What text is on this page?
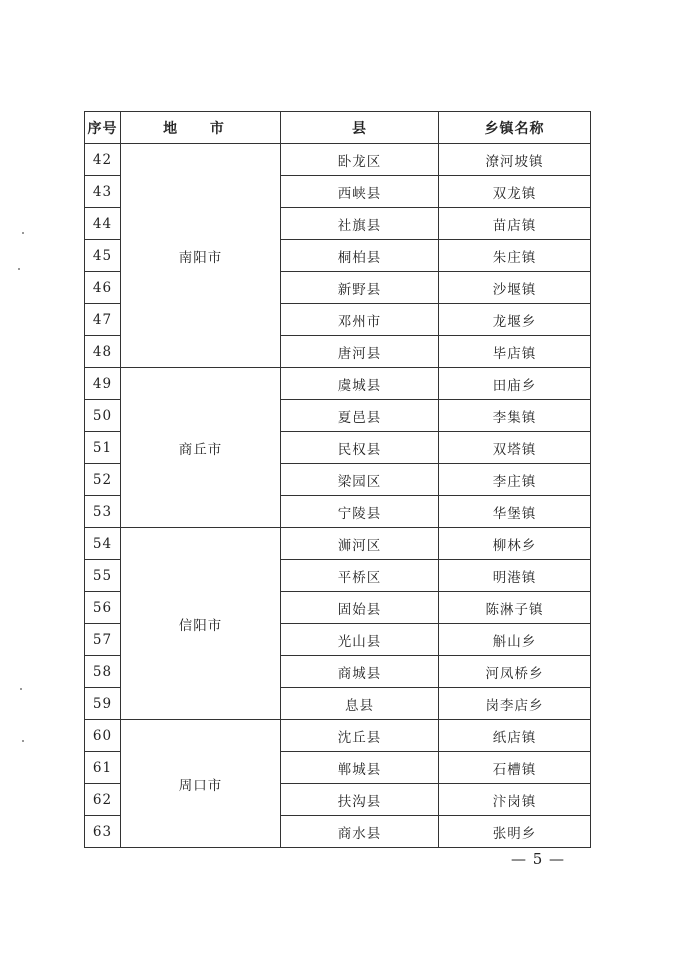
序号	地 市	县	乡镇名称
42	南阳市	卧龙区	潦河坡镇
43		西峡县	双龙镇
44		社旗县	苗店镇
45		桐柏县	朱庄镇
46		新野县	沙堰镇
47		邓州市	龙堰乡
48		唐河县	毕店镇
49	商丘市	虞城县	田庙乡
50		夏邑县	李集镇
51		民权县	双塔镇
52		梁园区	李庄镇
53		宁陵县	华堡镇
54	信阳市	浉河区	柳林乡
55		平桥区	明港镇
56		固始县	陈淋子镇
57		光山县	斛山乡
58		商城县	河凤桥乡
59		息县	岗李店乡
60	周口市	沈丘县	纸店镇
61		郸城县	石槽镇
62		扶沟县	汴岗镇
63		商水县	张明乡
— 5 —
